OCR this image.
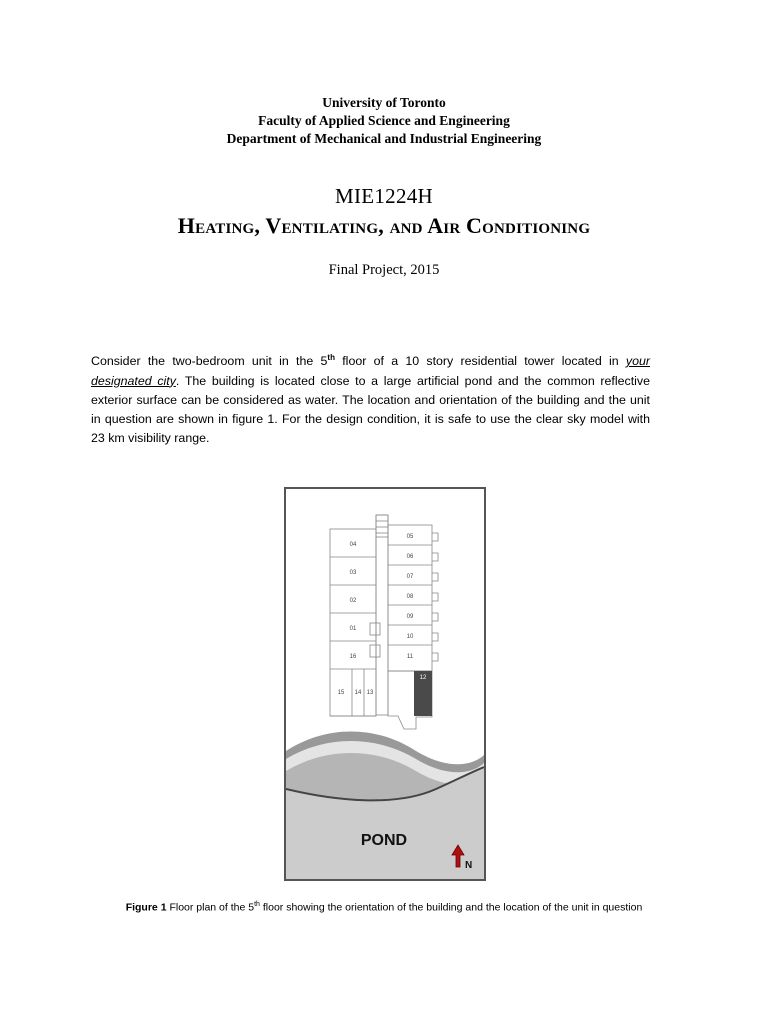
University of Toronto
Faculty of Applied Science and Engineering
Department of Mechanical and Industrial Engineering
MIE1224H
Heating, Ventilating, and Air Conditioning
Final Project, 2015

Consider the two-bedroom unit in the 5th floor of a 10 story residential tower located in your designated city. The building is located close to a large artificial pond and the common reflective exterior surface can be considered as water. The location and orientation of the building and the unit in question are shown in figure 1. For the design condition, it is safe to use the clear sky model with 23 km visibility range.

04
03
02
01
16
15 14 13
05
06
07
08
09
10
11
12
POND
N
Figure 1 Floor plan of the 5th floor showing the orientation of the building and the location of the unit in question
